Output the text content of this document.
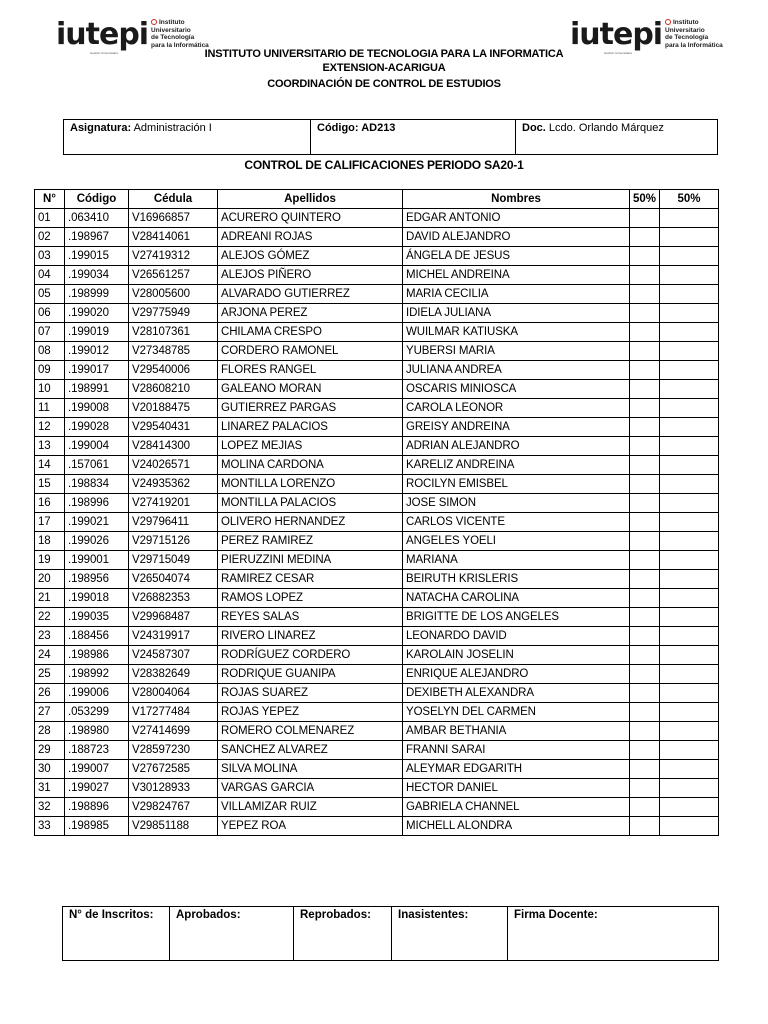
iutepi	Instituto
Universitario
de Tecnología
para la Informática
Gestión Universitaria
iutepi	Instituto
Universitario
de Tecnología
para la Informática
Gestión Universitaria
INSTITUTO UNIVERSITARIO DE TECNOLOGIA PARA LA INFORMATICA
EXTENSION-ACARIGUA
COORDINACIÓN DE CONTROL DE ESTUDIOS
Asignatura: Administración I	Código: AD213	Doc. Lcdo. Orlando Márquez
CONTROL DE CALIFICACIONES PERIODO SA20-1
N°	Código	Cédula	Apellidos	Nombres	50%	50%
01	.063410	V16966857	ACURERO QUINTERO	EDGAR ANTONIO		
02	.198967	V28414061	ADREANI ROJAS	DAVID ALEJANDRO		
03	.199015	V27419312	ALEJOS GÓMEZ	ÁNGELA DE JESUS		
04	.199034	V26561257	ALEJOS PIÑERO	MICHEL ANDREINA		
05	.198999	V28005600	ALVARADO GUTIERREZ	MARIA CECILIA		
06	.199020	V29775949	ARJONA PEREZ	IDIELA JULIANA		
07	.199019	V28107361	CHILAMA CRESPO	WUILMAR KATIUSKA		
08	.199012	V27348785	CORDERO RAMONEL	YUBERSI MARIA		
09	.199017	V29540006	FLORES RANGEL	JULIANA ANDREA		
10	.198991	V28608210	GALEANO MORAN	OSCARIS MINIOSCA		
11	.199008	V20188475	GUTIERREZ PARGAS	CAROLA LEONOR		
12	.199028	V29540431	LINAREZ PALACIOS	GREISY ANDREINA		
13	.199004	V28414300	LOPEZ MEJIAS	ADRIAN ALEJANDRO		
14	.157061	V24026571	MOLINA CARDONA	KARELIZ ANDREINA		
15	.198834	V24935362	MONTILLA LORENZO	ROCILYN EMISBEL		
16	.198996	V27419201	MONTILLA PALACIOS	JOSE SIMON		
17	.199021	V29796411	OLIVERO HERNANDEZ	CARLOS VICENTE		
18	.199026	V29715126	PEREZ RAMIREZ	ANGELES YOELI		
19	.199001	V29715049	PIERUZZINI MEDINA	MARIANA		
20	.198956	V26504074	RAMIREZ CESAR	BEIRUTH KRISLERIS		
21	.199018	V26882353	RAMOS LOPEZ	NATACHA CAROLINA		
22	.199035	V29968487	REYES SALAS	BRIGITTE DE LOS ANGELES		
23	.188456	V24319917	RIVERO LINAREZ	LEONARDO DAVID		
24	.198986	V24587307	RODRÍGUEZ CORDERO	KAROLAIN JOSELIN		
25	.198992	V28382649	RODRIQUE GUANIPA	ENRIQUE ALEJANDRO		
26	.199006	V28004064	ROJAS SUAREZ	DEXIBETH ALEXANDRA		
27	.053299	V17277484	ROJAS YEPEZ	YOSELYN DEL CARMEN		
28	.198980	V27414699	ROMERO COLMENAREZ	AMBAR BETHANIA		
29	.188723	V28597230	SANCHEZ ALVAREZ	FRANNI SARAI		
30	.199007	V27672585	SILVA MOLINA	ALEYMAR EDGARITH		
31	.199027	V30128933	VARGAS GARCIA	HECTOR DANIEL		
32	.198896	V29824767	VILLAMIZAR RUIZ	GABRIELA CHANNEL		
33	.198985	V29851188	YEPEZ ROA	MICHELL ALONDRA		
N° de Inscritos:	Aprobados:	Reprobados:	Inasistentes:	Firma Docente:
